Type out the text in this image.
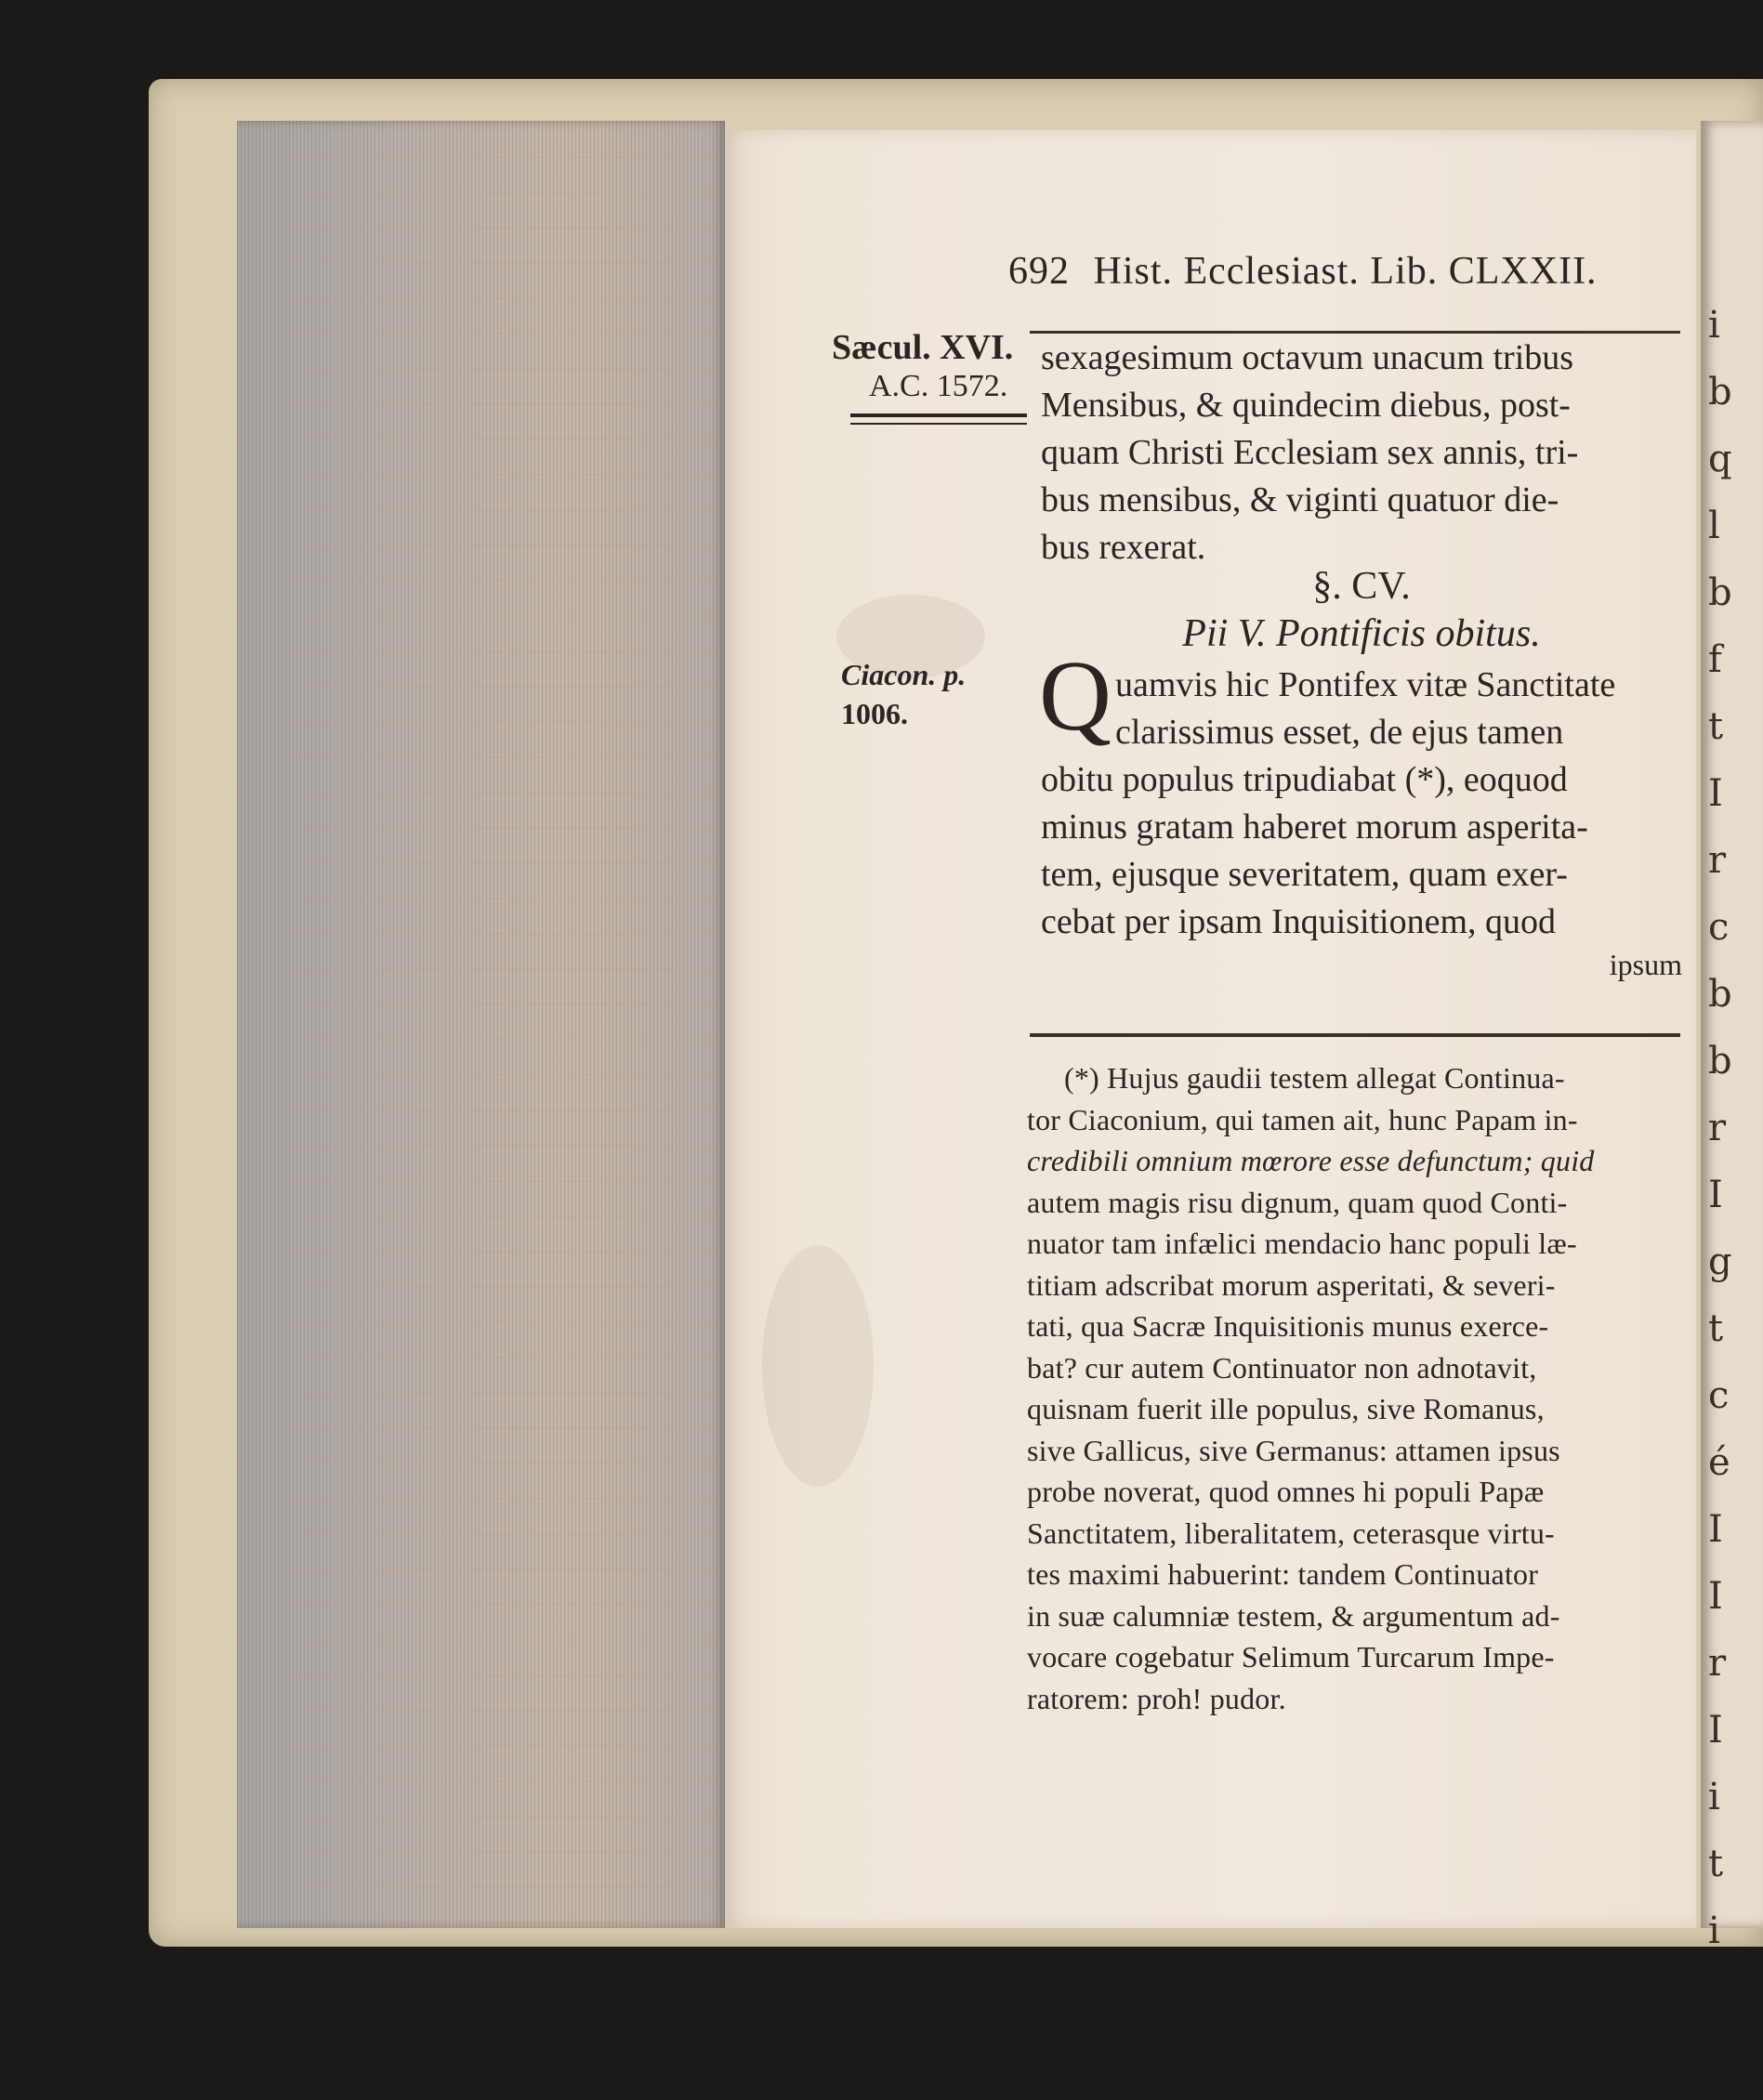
i
b
q
l
b
f
t
I
r
c
b
b
r
I
g
t
c
é
I
I
r
I
i
t
i
692 Hist. Ecclesiast. Lib. CLXXII.
Sæcul. XVI.
A.C. 1572.
Ciacon. p.
1006.
sexagesimum octavum unacum tribus
Mensibus, & quindecim diebus, post-
quam Christi Ecclesiam sex annis, tri-
bus mensibus, & viginti quatuor die-
bus rexerat.
§. CV.
Pii V. Pontificis obitus.
Q uamvis hic Pontifex vitæ Sanctitate
clarissimus esset, de ejus tamen
obitu populus tripudiabat (*), eoquod
minus gratam haberet morum asperita-
tem, ejusque severitatem, quam exer-
cebat per ipsam Inquisitionem, quod
ipsum
(*) Hujus gaudii testem allegat Continua-
tor Ciaconium, qui tamen ait, hunc Papam in-
credibili omnium mœrore esse defunctum; quid
autem magis risu dignum, quam quod Conti-
nuator tam infælici mendacio hanc populi læ-
titiam adscribat morum asperitati, & severi-
tati, qua Sacræ Inquisitionis munus exerce-
bat? cur autem Continuator non adnotavit,
quisnam fuerit ille populus, sive Romanus,
sive Gallicus, sive Germanus: attamen ipsus
probe noverat, quod omnes hi populi Papæ
Sanctitatem, liberalitatem, ceterasque virtu-
tes maximi habuerint: tandem Continuator
in suæ calumniæ testem, & argumentum ad-
vocare cogebatur Selimum Turcarum Impe-
ratorem: proh! pudor.
